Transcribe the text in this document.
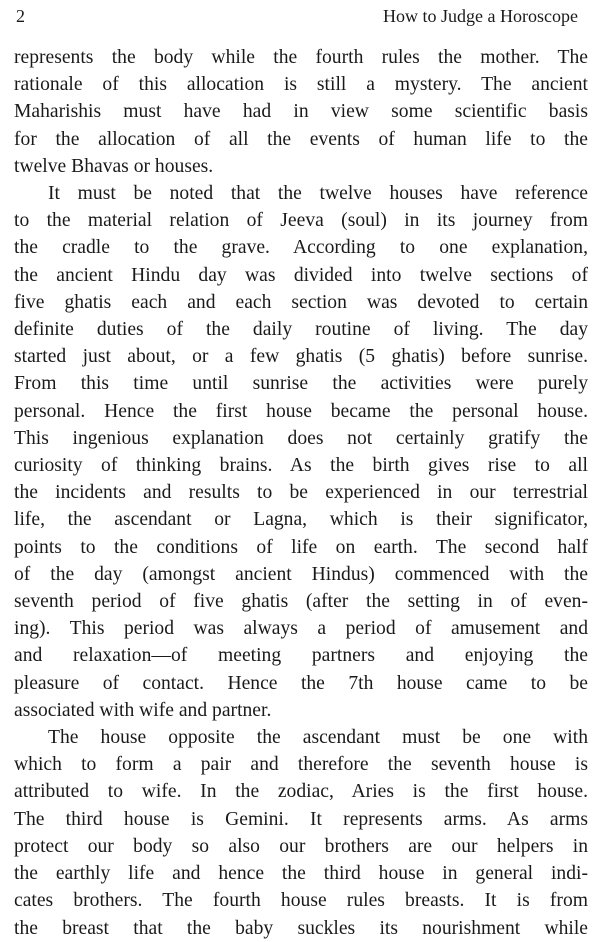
2	How to Judge a Horoscope
represents the body while the fourth rules the mother. The
rationale of this allocation is still a mystery. The ancient
Maharishis must have had in view some scientific basis
for the allocation of all the events of human life to the
twelve Bhavas or houses.
It must be noted that the twelve houses have reference
to the material relation of Jeeva (soul) in its journey from
the cradle to the grave. According to one explanation,
the ancient Hindu day was divided into twelve sections of
five ghatis each and each section was devoted to certain
definite duties of the daily routine of living. The day
started just about, or a few ghatis (5 ghatis) before sunrise.
From this time until sunrise the activities were purely
personal. Hence the first house became the personal house.
This ingenious explanation does not certainly gratify the
curiosity of thinking brains. As the birth gives rise to all
the incidents and results to be experienced in our terrestrial
life, the ascendant or Lagna, which is their significator,
points to the conditions of life on earth. The second half
of the day (amongst ancient Hindus) commenced with the
seventh period of five ghatis (after the setting in of even-
ing). This period was always a period of amusement and
and relaxation—of meeting partners and enjoying the
pleasure of contact. Hence the 7th house came to be
associated with wife and partner.
The house opposite the ascendant must be one with
which to form a pair and therefore the seventh house is
attributed to wife. In the zodiac, Aries is the first house.
The third house is Gemini. It represents arms. As arms
protect our body so also our brothers are our helpers in
the earthly life and hence the third house in general indi-
cates brothers. The fourth house rules breasts. It is from
the breast that the baby suckles its nourishment while
